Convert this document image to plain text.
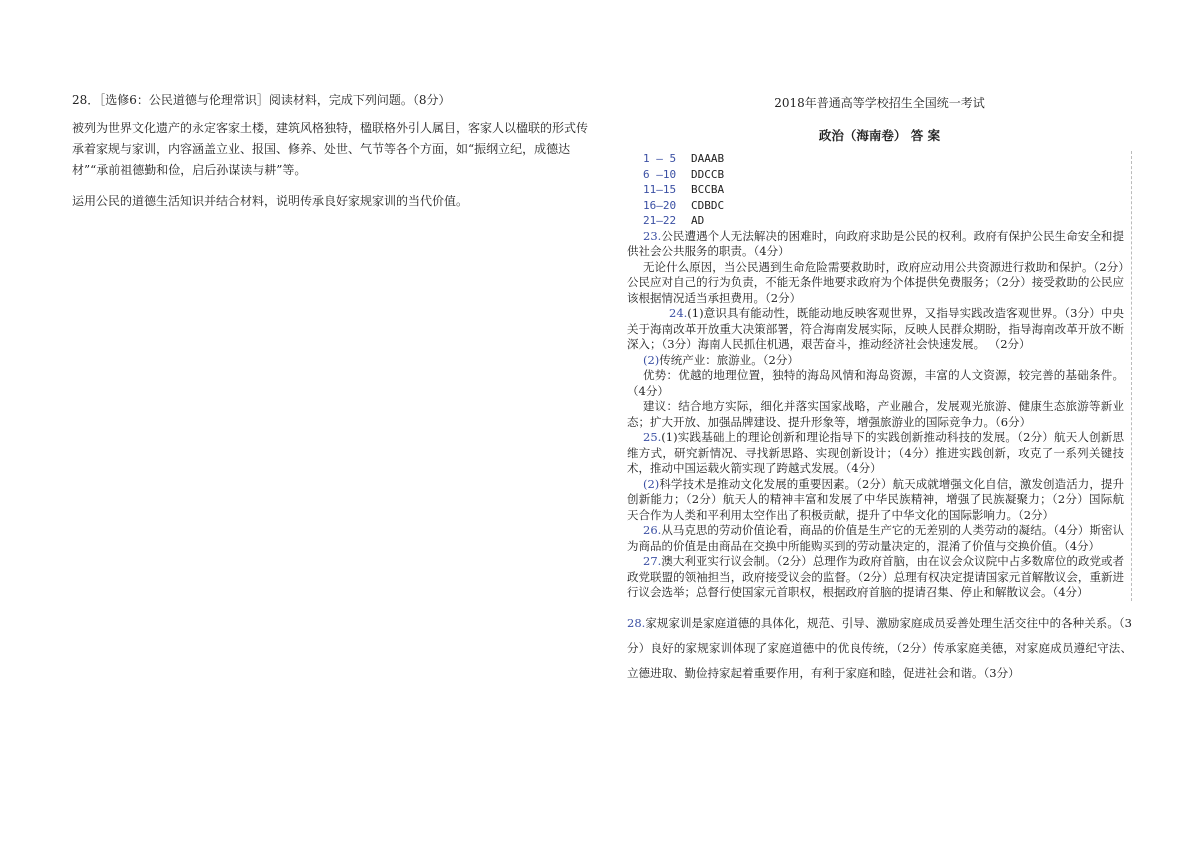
28．［选修6：公民道德与伦理常识］阅读材料，完成下列问题。（8分）

被列为世界文化遗产的永定客家土楼，建筑风格独特，楹联格外引人属目，客家人以楹联的形式传承着家规与家训，内容涵盖立业、报国、修养、处世、气节等各个方面，如“振纲立纪，成德达材”“承前祖德勤和俭，启后孙谋读与耕”等。

运用公民的道德生活知识并结合材料，说明传承良好家规家训的当代价值。

2018年普通高等学校招生全国统一考试
政治（海南卷） 答 案
1 — 5 DAAAB
6 —10 DDCCB
11—15 BCCBA
16—20 CDBDC
21—22 AD

23.公民遭遇个人无法解决的困难时，向政府求助是公民的权利。政府有保护公民生命安全和提供社会公共服务的职责。（4分）

无论什么原因，当公民遇到生命危险需要救助时，政府应动用公共资源进行救助和保护。（2分）公民应对自己的行为负责，不能无条件地要求政府为个体提供免费服务；（2分）接受救助的公民应该根据情况适当承担费用。（2分）

24.(1)意识具有能动性，既能动地反映客观世界，又指导实践改造客观世界。（3分）中央关于海南改革开放重大决策部署，符合海南发展实际，反映人民群众期盼，指导海南改革开放不断深入；（3分）海南人民抓住机遇，艰苦奋斗，推动经济社会快速发展。 （2分）

(2)传统产业：旅游业。（2分）

优势：优越的地理位置，独特的海岛风情和海岛资源，丰富的人文资源，较完善的基础条件。（4分）

建议：结合地方实际，细化并落实国家战略，产业融合，发展观光旅游、健康生态旅游等新业态；扩大开放、加强品牌建设、提升形象等，增强旅游业的国际竞争力。（6分）

25.(1)实践基础上的理论创新和理论指导下的实践创新推动科技的发展。（2分）航天人创新思维方式，研究新情况、寻找新思路、实现创新设计；（4分）推进实践创新，攻克了一系列关键技术，推动中国运载火箭实现了跨越式发展。（4分）

(2)科学技术是推动文化发展的重要因素。（2分）航天成就增强文化自信，激发创造活力，提升创新能力；（2分）航天人的精神丰富和发展了中华民族精神，增强了民族凝聚力；（2分）国际航天合作为人类和平利用太空作出了积极贡献，提升了中华文化的国际影响力。（2分）

26.从马克思的劳动价值论看，商品的价值是生产它的无差别的人类劳动的凝结。（4分）斯密认为商品的价值是由商品在交换中所能购买到的劳动量决定的，混淆了价值与交换价值。（4分）

27.澳大利亚实行议会制。（2分）总理作为政府首脑，由在议会众议院中占多数席位的政党或者政党联盟的领袖担当，政府接受议会的监督。（2分）总理有权决定提请国家元首解散议会，重新进行议会选举；总督行使国家元首职权，根据政府首脑的提请召集、停止和解散议会。（4分）

28.家规家训是家庭道德的具体化，规范、引导、激励家庭成员妥善处理生活交往中的各种关系。（3分）良好的家规家训体现了家庭道德中的优良传统，（2分）传承家庭美德，对家庭成员遵纪守法、立德进取、勤俭持家起着重要作用，有利于家庭和睦，促进社会和谐。（3分）
